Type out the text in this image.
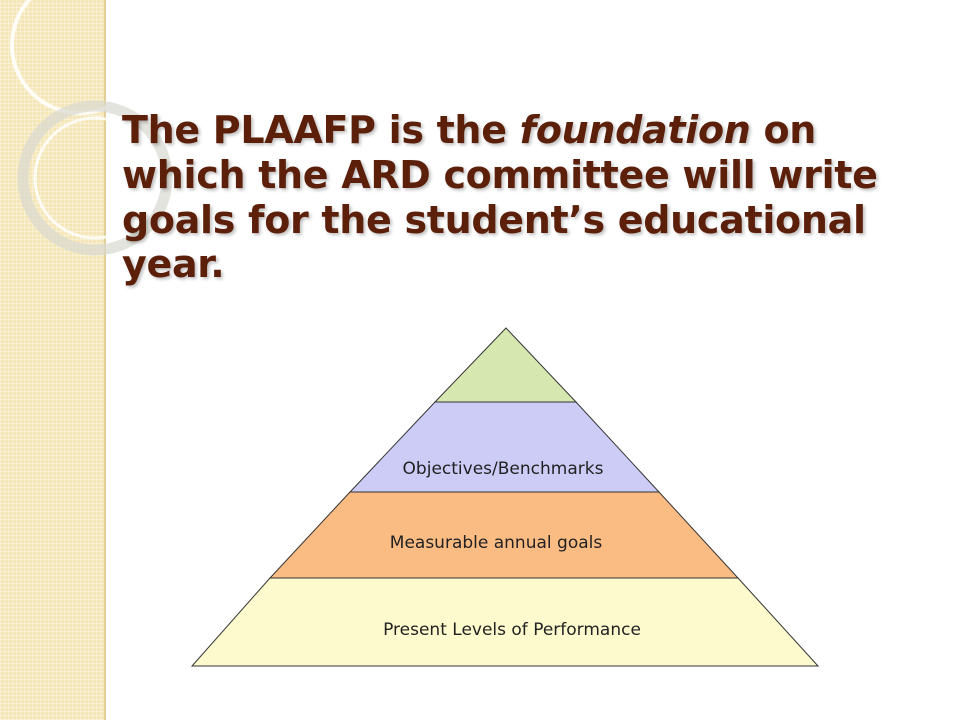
The PLAAFP is the foundation on which the ARD committee will write goals for the student’s educational year.
Objectives/Benchmarks
Measurable annual goals
Present Levels of Performance
